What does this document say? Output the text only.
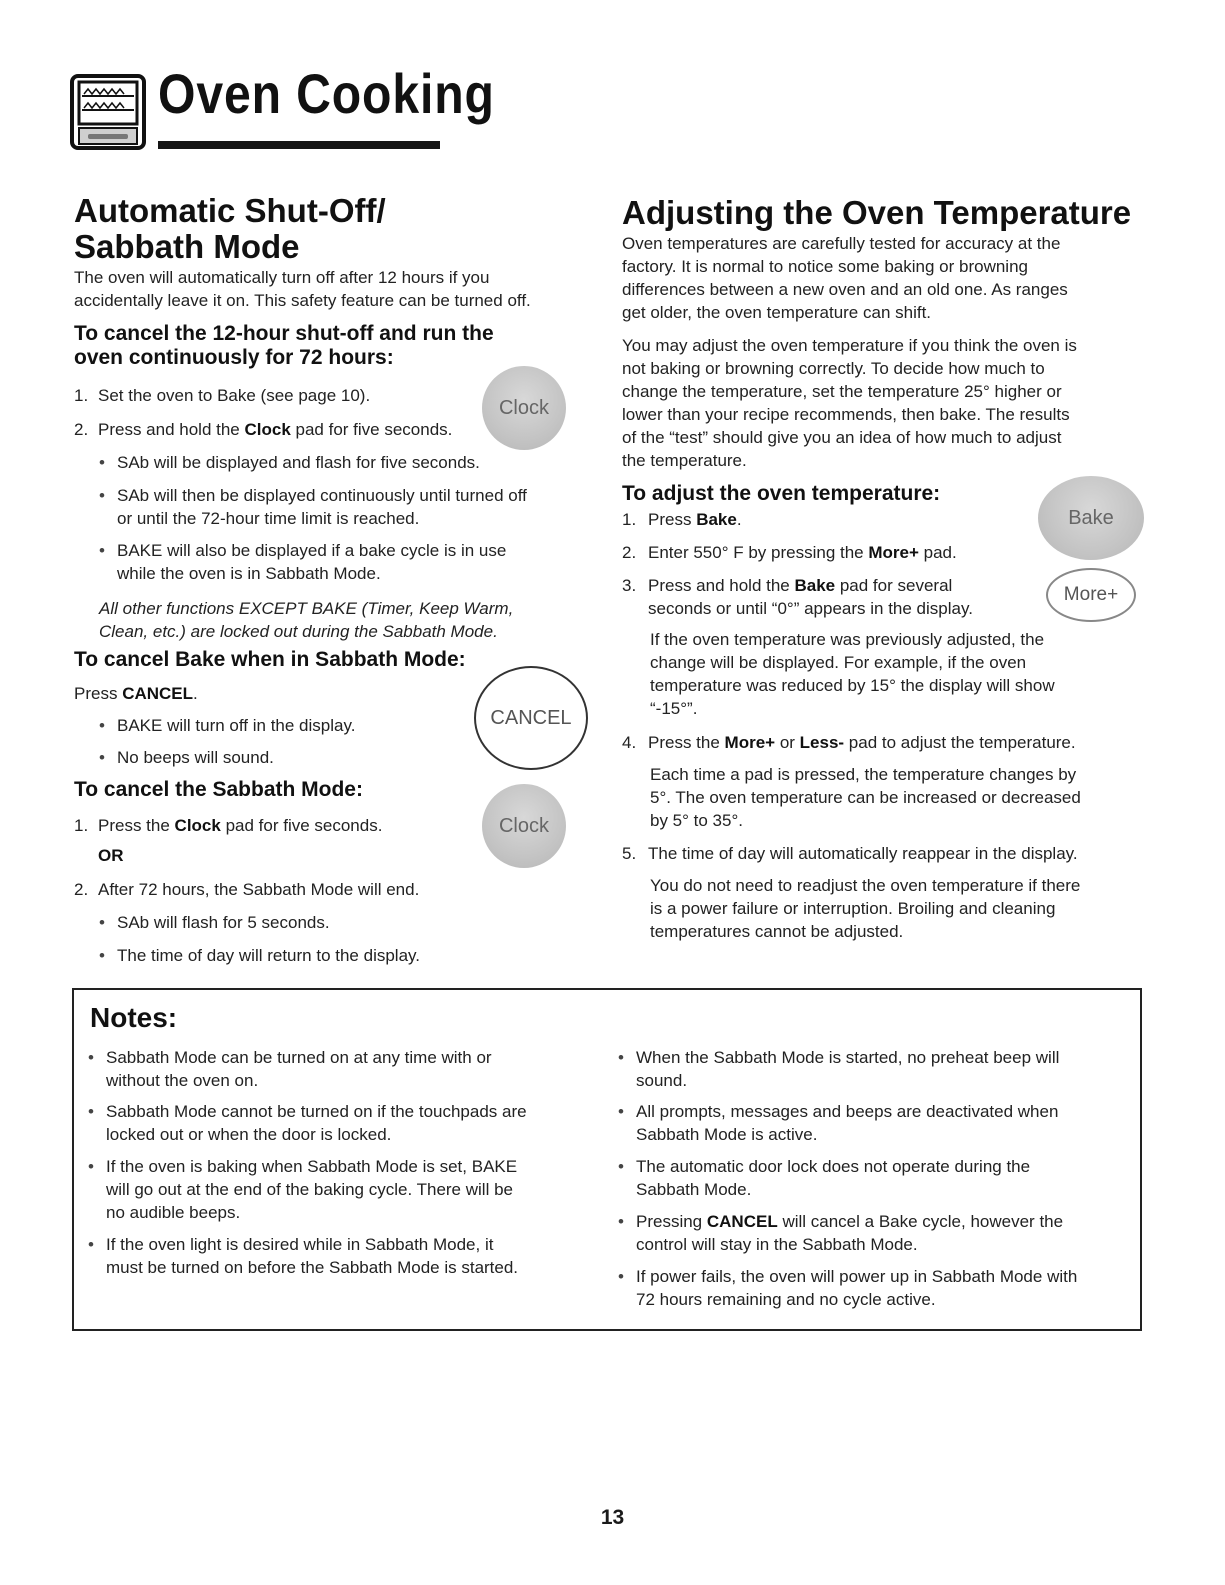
Oven Cooking
Automatic Shut-Off/
Sabbath Mode

The oven will automatically turn off after 12 hours if you

accidentally leave it on. This safety feature can be turned off.

To cancel the 12-hour shut-off and run the

oven continuously for 72 hours:

1. Set the oven to Bake (see page 10).
2. Press and hold the Clock pad for five seconds.
• SAb will be displayed and flash for five seconds.

• SAb will then be displayed continuously until turned off

or until the 72-hour time limit is reached.

• BAKE will also be displayed if a bake cycle is in use

while the oven is in Sabbath Mode.

All other functions EXCEPT BAKE (Timer, Keep Warm,

Clean, etc.) are locked out during the Sabbath Mode.

To cancel Bake when in Sabbath Mode:
Press CANCEL.
• BAKE will turn off in the display.
• No beeps will sound.
To cancel the Sabbath Mode:
1. Press the Clock pad for five seconds.
OR
2. After 72 hours, the Sabbath Mode will end.
• SAb will flash for 5 seconds.
• The time of day will return to the display.
Clock
CANCEL
Clock
Adjusting the Oven Temperature

Oven temperatures are carefully tested for accuracy at the

factory. It is normal to notice some baking or browning

differences between a new oven and an old one. As ranges

get older, the oven temperature can shift.

You may adjust the oven temperature if you think the oven is

not baking or browning correctly. To decide how much to

change the temperature, set the temperature 25° higher or

lower than your recipe recommends, then bake. The results

of the “test” should give you an idea of how much to adjust

the temperature.

To adjust the oven temperature:
1. Press Bake.
2. Enter 550° F by pressing the More+ pad.
3. Press and hold the Bake pad for several

seconds or until “0°” appears in the display.

If the oven temperature was previously adjusted, the

change will be displayed. For example, if the oven

temperature was reduced by 15° the display will show

“-15°”.

4. Press the More+ or Less- pad to adjust the temperature.

Each time a pad is pressed, the temperature changes by

5°. The oven temperature can be increased or decreased

by 5° to 35°.

5. The time of day will automatically reappear in the display.

You do not need to readjust the oven temperature if there

is a power failure or interruption. Broiling and cleaning

temperatures cannot be adjusted.

Bake
More+
Notes:

• Sabbath Mode can be turned on at any time with or

without the oven on.

• Sabbath Mode cannot be turned on if the touchpads are

locked out or when the door is locked.

• If the oven is baking when Sabbath Mode is set, BAKE

will go out at the end of the baking cycle. There will be

no audible beeps.

• If the oven light is desired while in Sabbath Mode, it

must be turned on before the Sabbath Mode is started.

• When the Sabbath Mode is started, no preheat beep will

sound.

• All prompts, messages and beeps are deactivated when

Sabbath Mode is active.

• The automatic door lock does not operate during the

Sabbath Mode.

• Pressing CANCEL will cancel a Bake cycle, however the

control will stay in the Sabbath Mode.

• If power fails, the oven will power up in Sabbath Mode with

72 hours remaining and no cycle active.

13
